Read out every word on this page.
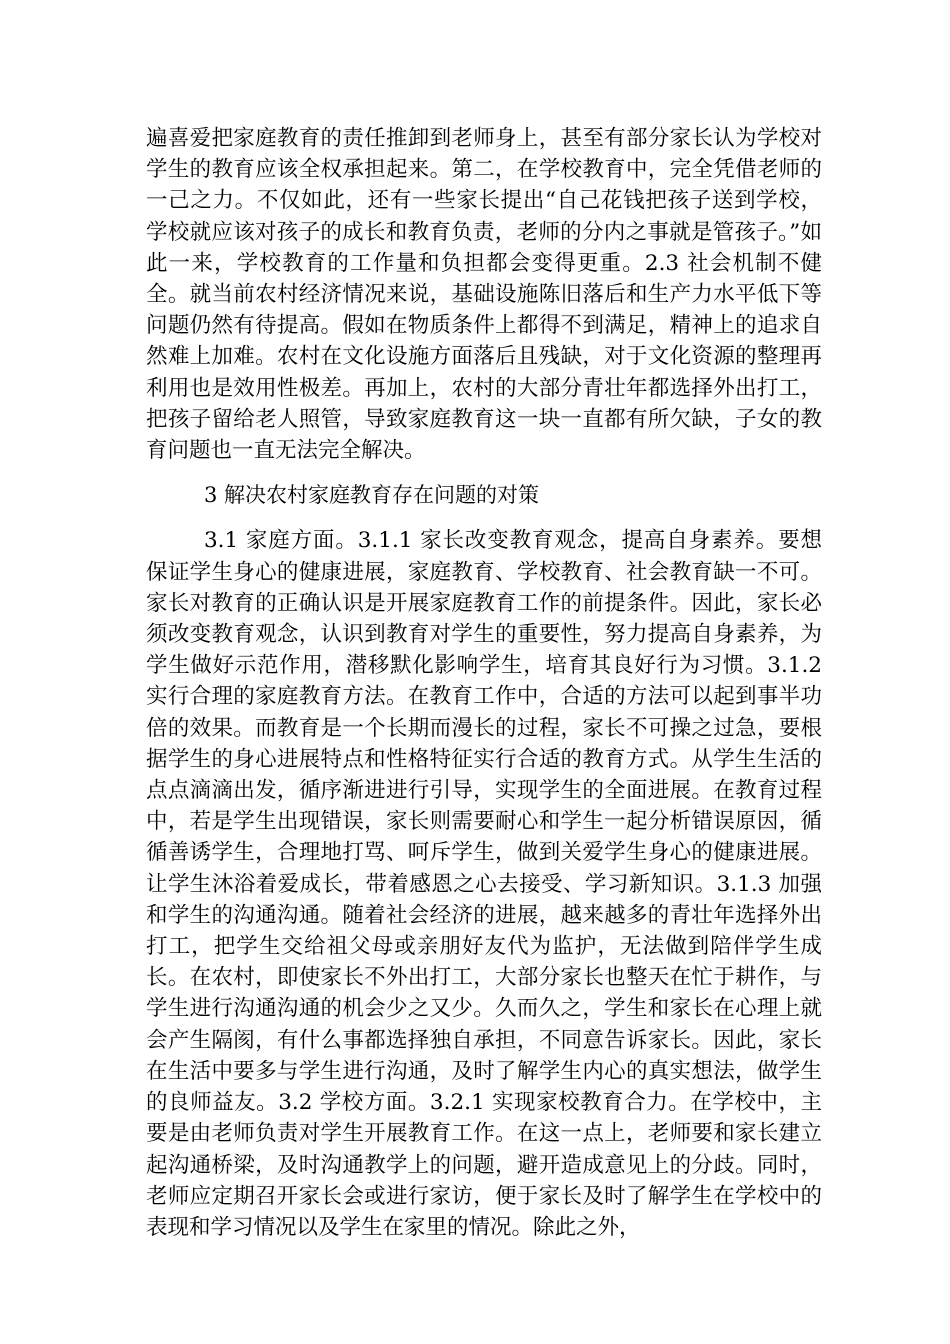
遍喜爱把家庭教育的责任推卸到老师身上，甚至有部分家长认为学校对学生的教育应该全权承担起来。第二，在学校教育中，完全凭借老师的一己之力。不仅如此，还有一些家长提出“自己花钱把孩子送到学校，学校就应该对孩子的成长和教育负责，老师的分内之事就是管孩子。”如此一来，学校教育的工作量和负担都会变得更重。2.3 社会机制不健全。就当前农村经济情况来说，基础设施陈旧落后和生产力水平低下等问题仍然有待提高。假如在物质条件上都得不到满足，精神上的追求自然难上加难。农村在文化设施方面落后且残缺，对于文化资源的整理再利用也是效用性极差。再加上，农村的大部分青壮年都选择外出打工，把孩子留给老人照管，导致家庭教育这一块一直都有所欠缺，子女的教育问题也一直无法完全解决。

3 解决农村家庭教育存在问题的对策

3.1 家庭方面。3.1.1 家长改变教育观念，提高自身素养。要想保证学生身心的健康进展，家庭教育、学校教育、社会教育缺一不可。家长对教育的正确认识是开展家庭教育工作的前提条件。因此，家长必须改变教育观念，认识到教育对学生的重要性，努力提高自身素养，为学生做好示范作用，潜移默化影响学生，培育其良好行为习惯。3.1.2 实行合理的家庭教育方法。在教育工作中，合适的方法可以起到事半功倍的效果。而教育是一个长期而漫长的过程，家长不可操之过急，要根据学生的身心进展特点和性格特征实行合适的教育方式。从学生生活的点点滴滴出发，循序渐进进行引导，实现学生的全面进展。在教育过程中，若是学生出现错误，家长则需要耐心和学生一起分析错误原因，循循善诱学生，合理地打骂、呵斥学生，做到关爱学生身心的健康进展。让学生沐浴着爱成长，带着感恩之心去接受、学习新知识。3.1.3 加强和学生的沟通沟通。随着社会经济的进展，越来越多的青壮年选择外出打工，把学生交给祖父母或亲朋好友代为监护，无法做到陪伴学生成长。在农村，即使家长不外出打工，大部分家长也整天在忙于耕作，与学生进行沟通沟通的机会少之又少。久而久之，学生和家长在心理上就会产生隔阂，有什么事都选择独自承担，不同意告诉家长。因此，家长在生活中要多与学生进行沟通，及时了解学生内心的真实想法，做学生的良师益友。3.2 学校方面。3.2.1 实现家校教育合力。在学校中，主要是由老师负责对学生开展教育工作。在这一点上，老师要和家长建立起沟通桥梁，及时沟通教学上的问题，避开造成意见上的分歧。同时，老师应定期召开家长会或进行家访，便于家长及时了解学生在学校中的表现和学习情况以及学生在家里的情况。除此之外，
